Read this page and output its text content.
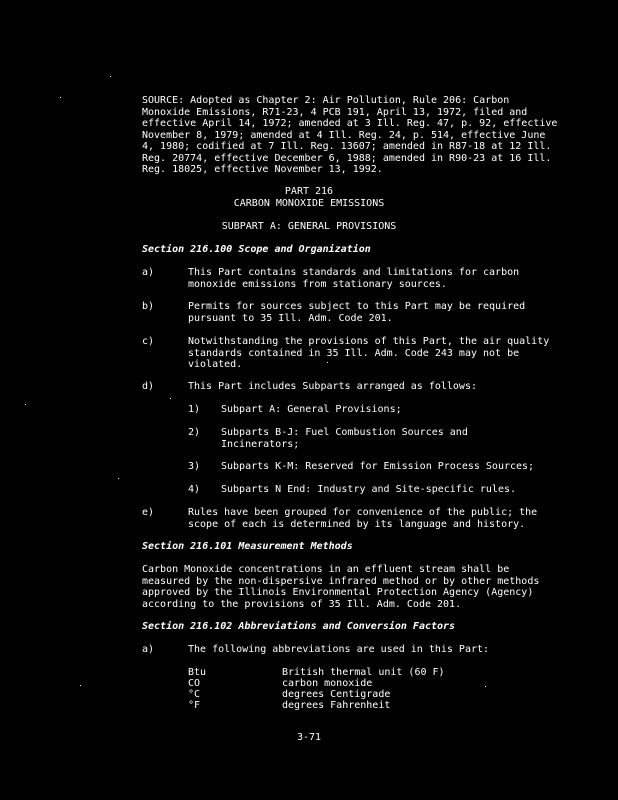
SOURCE: Adopted as Chapter 2: Air Pollution, Rule 206: Carbon Monoxide Emissions, R71-23, 4 PCB 191, April 13, 1972, filed and effective April 14, 1972; amended at 3 Ill. Reg. 47, p. 92, effective November 8, 1979; amended at 4 Ill. Reg. 24, p. 514, effective June 4, 1980; codified at 7 Ill. Reg. 13607; amended in R87-18 at 12 Ill. Reg. 20774, effective December 6, 1988; amended in R90-23 at 16 Ill. Reg. 18025, effective November 13, 1992.
PART 216
CARBON MONOXIDE EMISSIONS
SUBPART A: GENERAL PROVISIONS
Section 216.100 Scope and Organization
a)	This Part contains standards and limitations for carbon monoxide emissions from stationary sources.
b)	Permits for sources subject to this Part may be required pursuant to 35 Ill. Adm. Code 201.
c)	Notwithstanding the provisions of this Part, the air quality standards contained in 35 Ill. Adm. Code 243 may not be violated.
d)	This Part includes Subparts arranged as follows:
1) Subpart A: General Provisions;
2) Subparts B-J: Fuel Combustion Sources and Incinerators;
3) Subparts K-M: Reserved for Emission Process Sources;
4) Subparts N End: Industry and Site-specific rules.
e)	Rules have been grouped for convenience of the public; the scope of each is determined by its language and history.
Section 216.101 Measurement Methods
Carbon Monoxide concentrations in an effluent stream shall be measured by the non-dispersive infrared method or by other methods approved by the Illinois Environmental Protection Agency (Agency) according to the provisions of 35 Ill. Adm. Code 201.
Section 216.102 Abbreviations and Conversion Factors
a)	The following abbreviations are used in this Part:
Btu	British thermal unit (60 F)
CO	carbon monoxide
°C	degrees Centigrade
°F	degrees Fahrenheit
3-71
